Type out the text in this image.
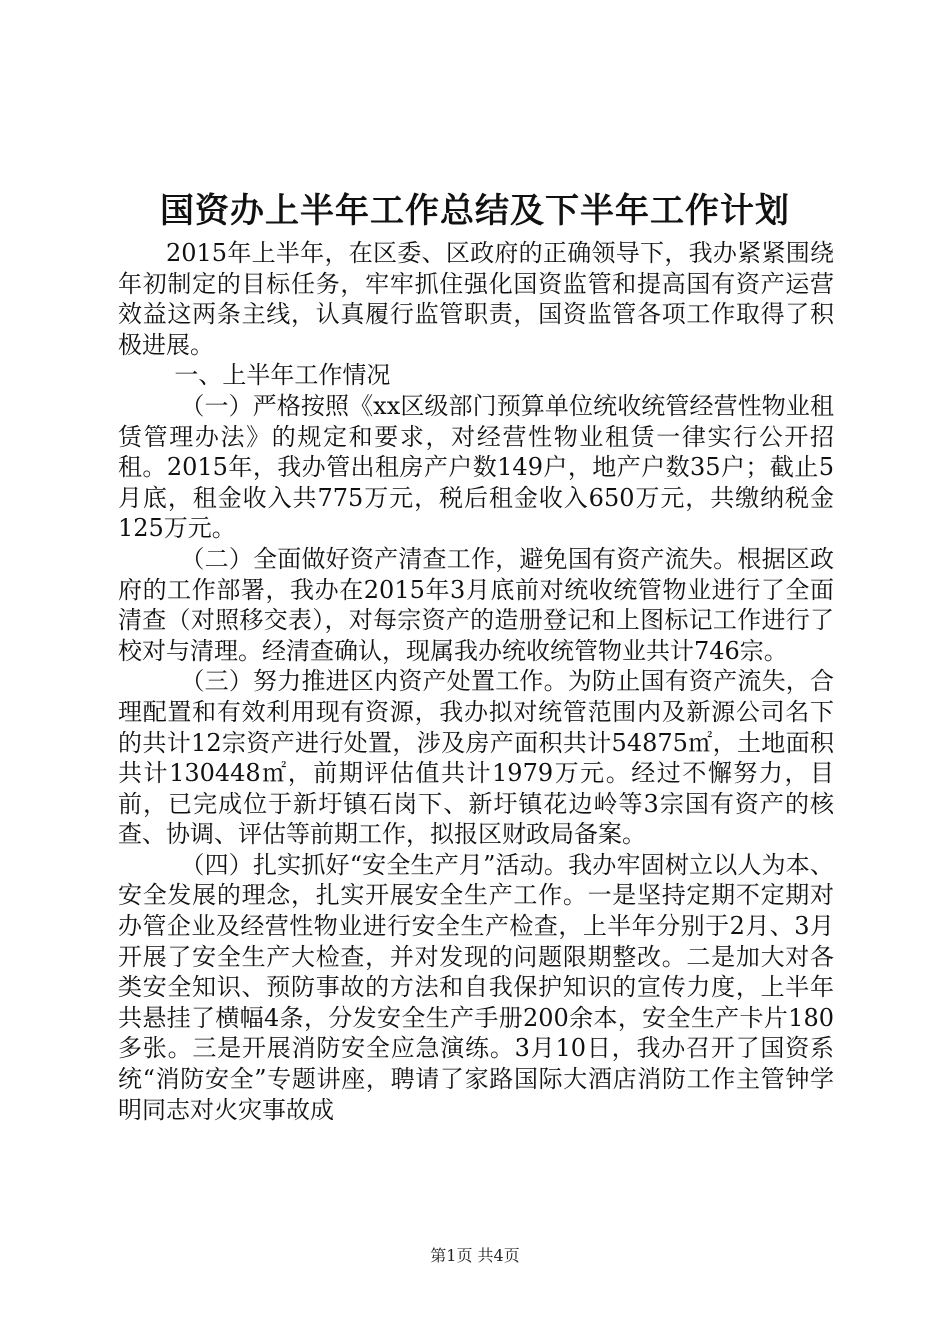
国资办上半年工作总结及下半年工作计划

2015年上半年，在区委、区政府的正确领导下，我办紧紧围绕年初制定的目标任务，牢牢抓住强化国资监管和提高国有资产运营效益这两条主线，认真履行监管职责，国资监管各项工作取得了积极进展。

一、上半年工作情况

（一）严格按照《xx区级部门预算单位统收统管经营性物业租赁管理办法》的规定和要求，对经营性物业租赁一律实行公开招租。2015年，我办管出租房产户数149户，地产户数35户；截止5月底，租金收入共775万元，税后租金收入650万元，共缴纳税金125万元。

（二）全面做好资产清查工作，避免国有资产流失。根据区政府的工作部署，我办在2015年3月底前对统收统管物业进行了全面清查（对照移交表），对每宗资产的造册登记和上图标记工作进行了校对与清理。经清查确认，现属我办统收统管物业共计746宗。

（三）努力推进区内资产处置工作。为防止国有资产流失，合理配置和有效利用现有资源，我办拟对统管范围内及新源公司名下的共计12宗资产进行处置，涉及房产面积共计54875㎡，土地面积共计130448㎡，前期评估值共计1979万元。经过不懈努力，目前，已完成位于新圩镇石岗下、新圩镇花边岭等3宗国有资产的核查、协调、评估等前期工作，拟报区财政局备案。

（四）扎实抓好“安全生产月”活动。我办牢固树立以人为本、安全发展的理念，扎实开展安全生产工作。一是坚持定期不定期对办管企业及经营性物业进行安全生产检查，上半年分别于2月、3月开展了安全生产大检查，并对发现的问题限期整改。二是加大对各类安全知识、预防事故的方法和自我保护知识的宣传力度，上半年共悬挂了横幅4条，分发安全生产手册200余本，安全生产卡片180多张。三是开展消防安全应急演练。3月10日，我办召开了国资系统“消防安全”专题讲座，聘请了家路国际大酒店消防工作主管钟学明同志对火灾事故成

第1页 共4页
